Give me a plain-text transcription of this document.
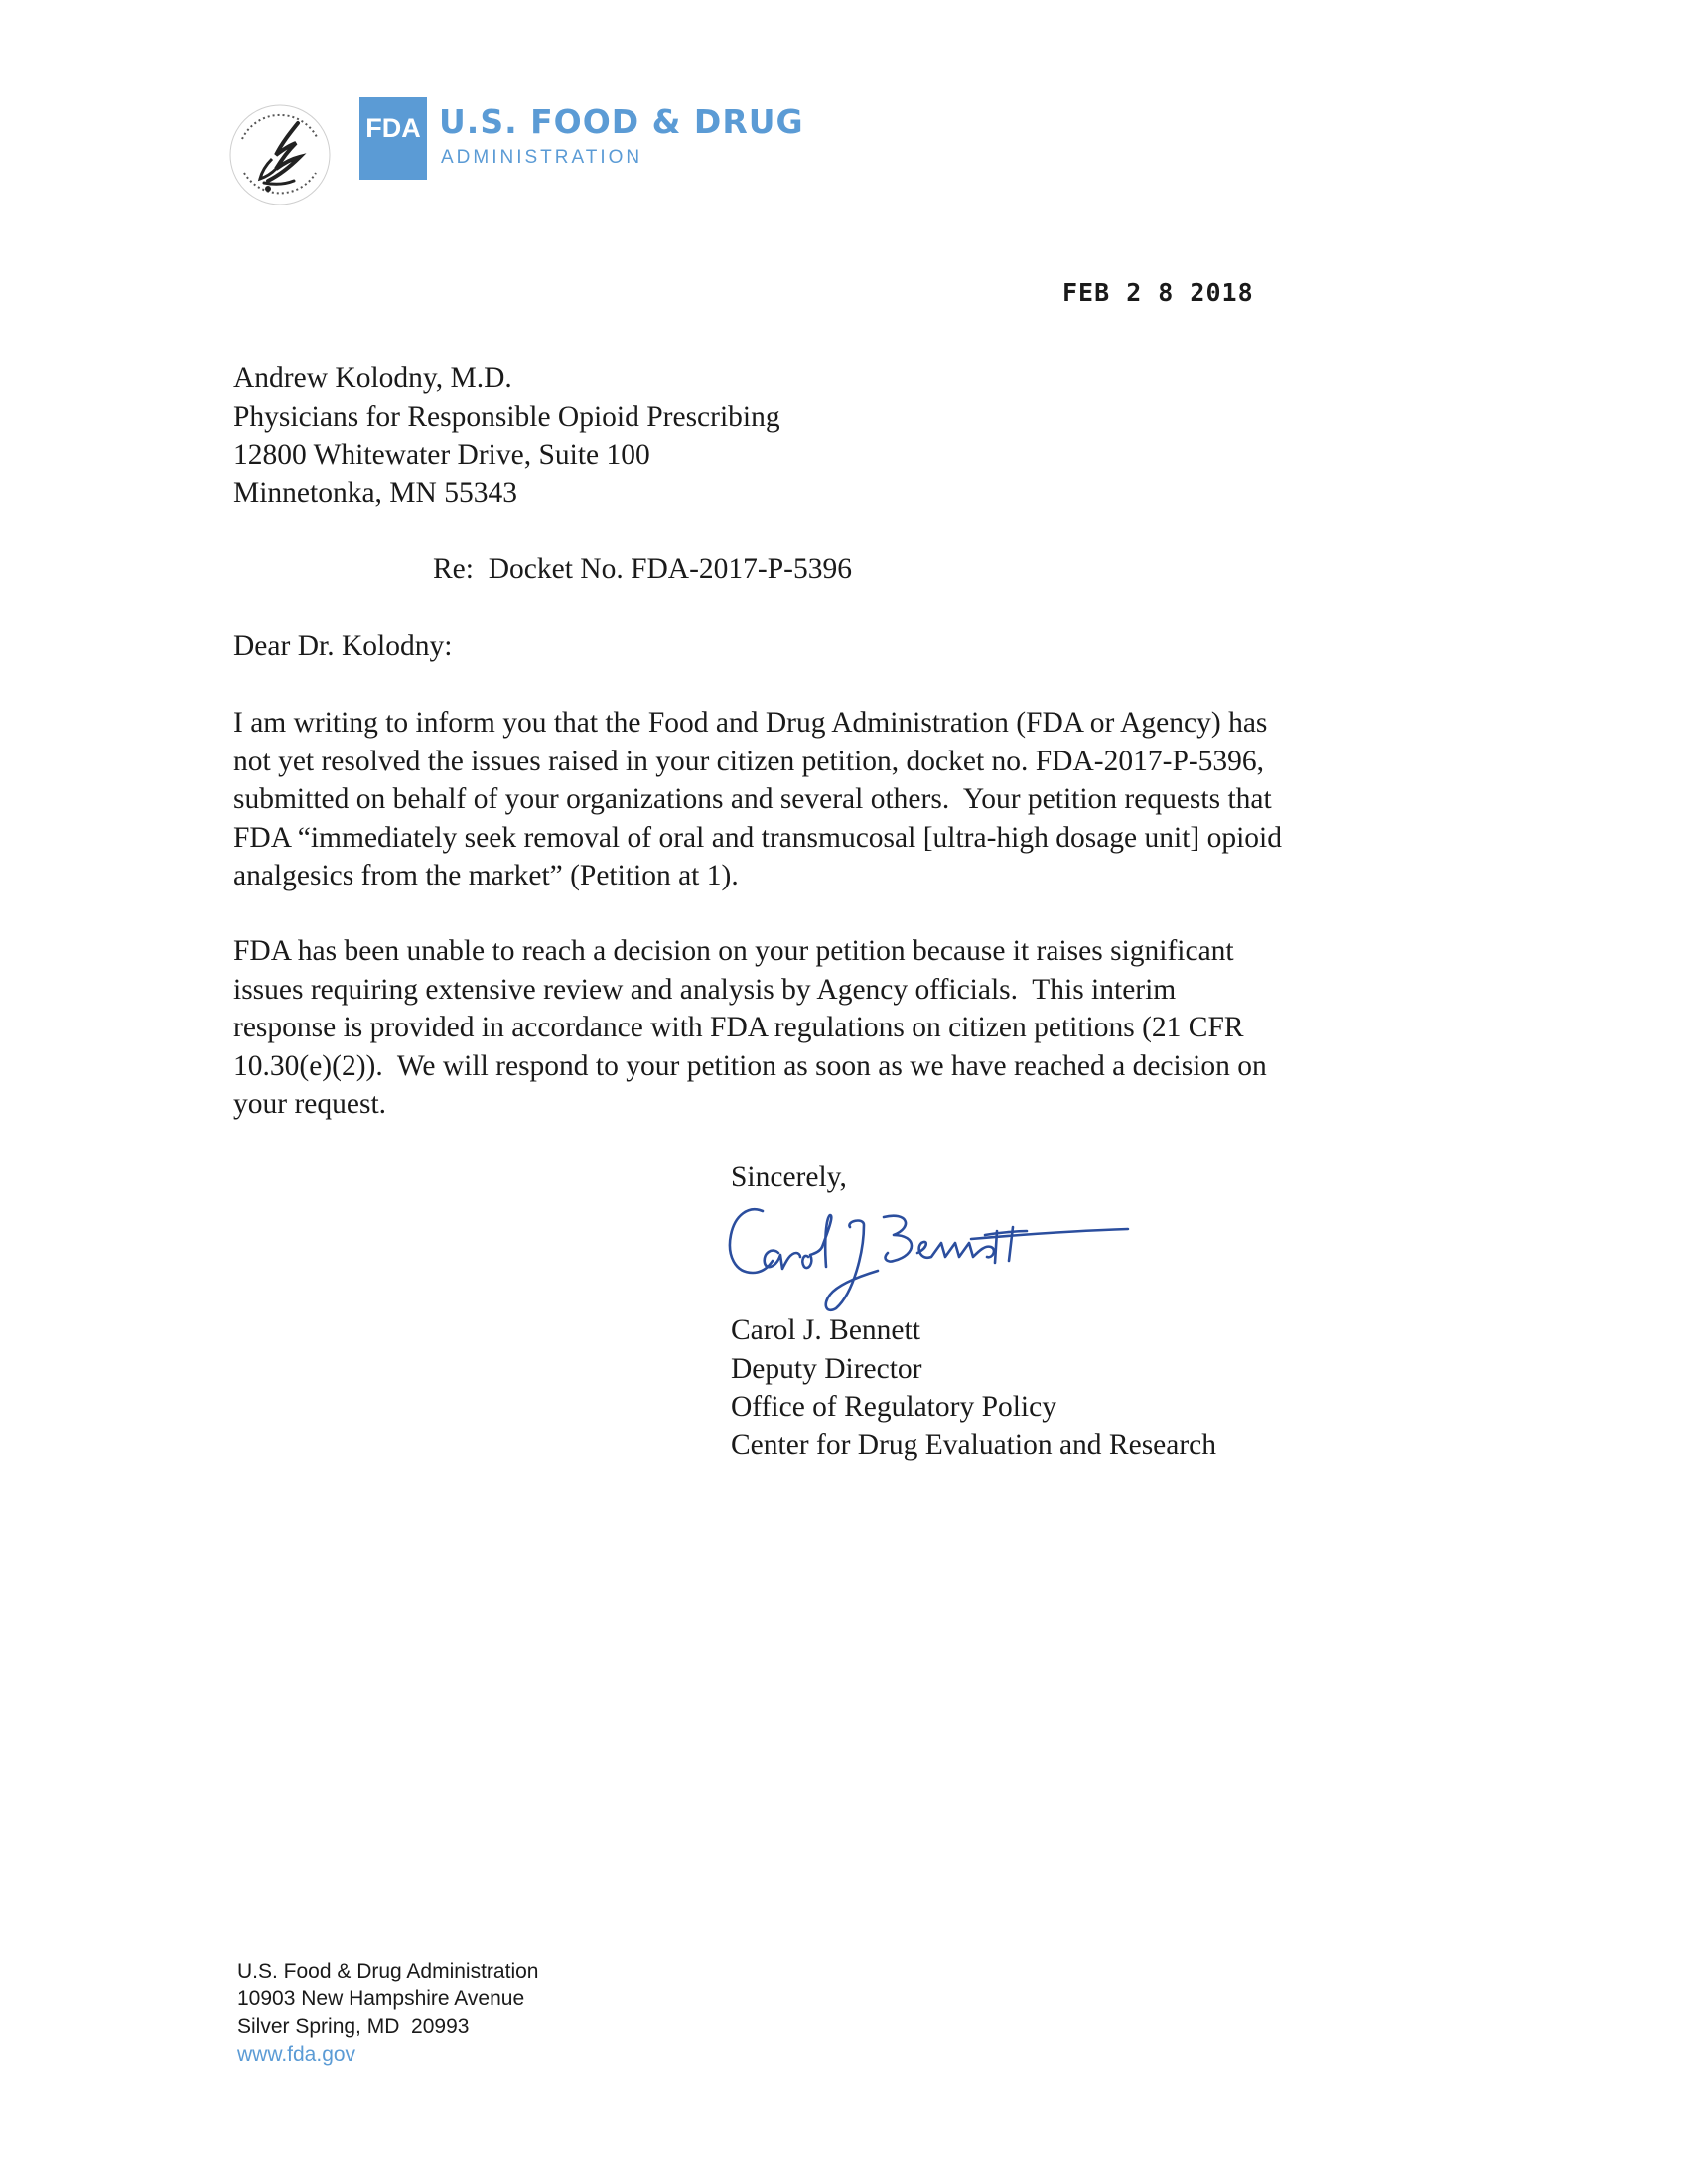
FDA U.S. FOOD & DRUG
ADMINISTRATION
FEB 2 8 2018
Andrew Kolodny, M.D.
Physicians for Responsible Opioid Prescribing
12800 Whitewater Drive, Suite 100
Minnetonka, MN 55343
Re:  Docket No. FDA-2017-P-5396
Dear Dr. Kolodny:
I am writing to inform you that the Food and Drug Administration (FDA or Agency) has
not yet resolved the issues raised in your citizen petition, docket no. FDA-2017-P-5396,
submitted on behalf of your organizations and several others.  Your petition requests that
FDA “immediately seek removal of oral and transmucosal [ultra-high dosage unit] opioid
analgesics from the market” (Petition at 1).
FDA has been unable to reach a decision on your petition because it raises significant
issues requiring extensive review and analysis by Agency officials.  This interim
response is provided in accordance with FDA regulations on citizen petitions (21 CFR
10.30(e)(2)).  We will respond to your petition as soon as we have reached a decision on
your request.
Sincerely,
Carol J. Bennett
Deputy Director
Office of Regulatory Policy
Center for Drug Evaluation and Research
U.S. Food & Drug Administration
10903 New Hampshire Avenue
Silver Spring, MD  20993
www.fda.gov
